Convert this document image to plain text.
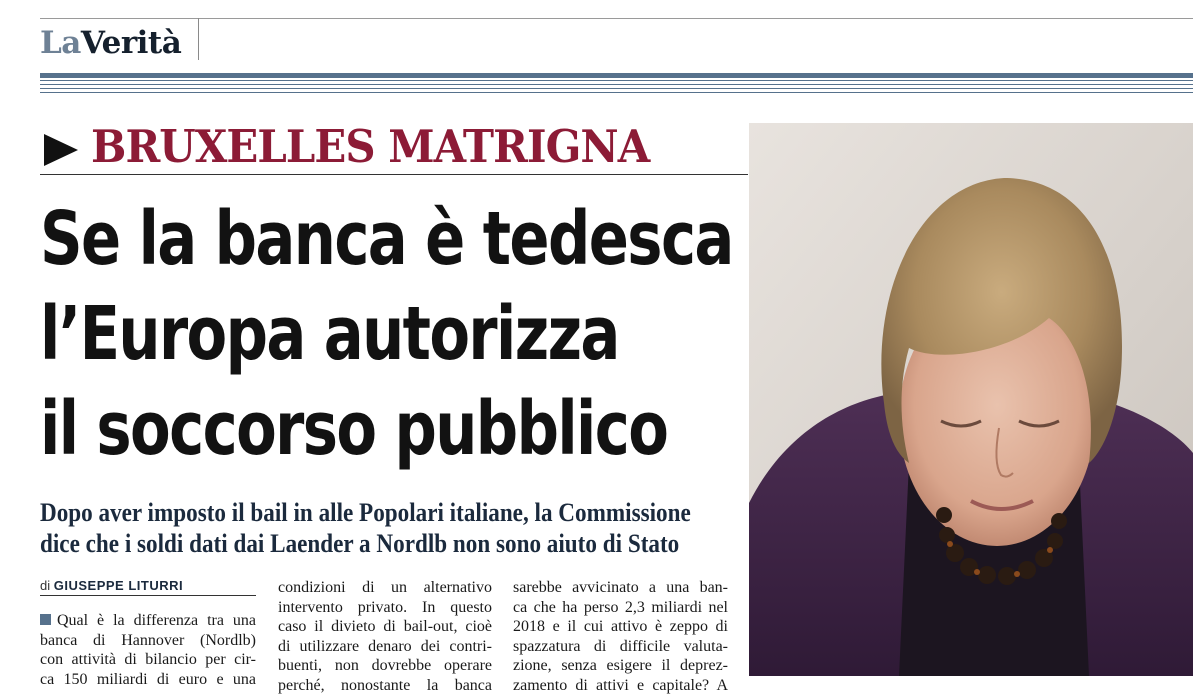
LaVerità
BRUXELLES MATRIGNA
Se la banca è tedesca
l’Europa autorizza
il soccorso pubblico
Dopo aver imposto il bail in alle Popolari italiane, la Commissione
dice che i soldi dati dai Laender a Nordlb non sono aiuto di Stato
di GIUSEPPE LITURRI
Qual è la differenza tra una
banca di Hannover (Nordlb)
con attività di bilancio per cir-
ca 150 miliardi di euro e una
condizioni di un alternativo
intervento privato. In questo
caso il divieto di bail-out, cioè
di utilizzare denaro dei contri-
buenti, non dovrebbe operare
perché, nonostante la banca
sarebbe avvicinato a una ban-
ca che ha perso 2,3 miliardi nel
2018 e il cui attivo è zeppo di
spazzatura di difficile valuta-
zione, senza esigere il deprez-
zamento di attivi e capitale? A
